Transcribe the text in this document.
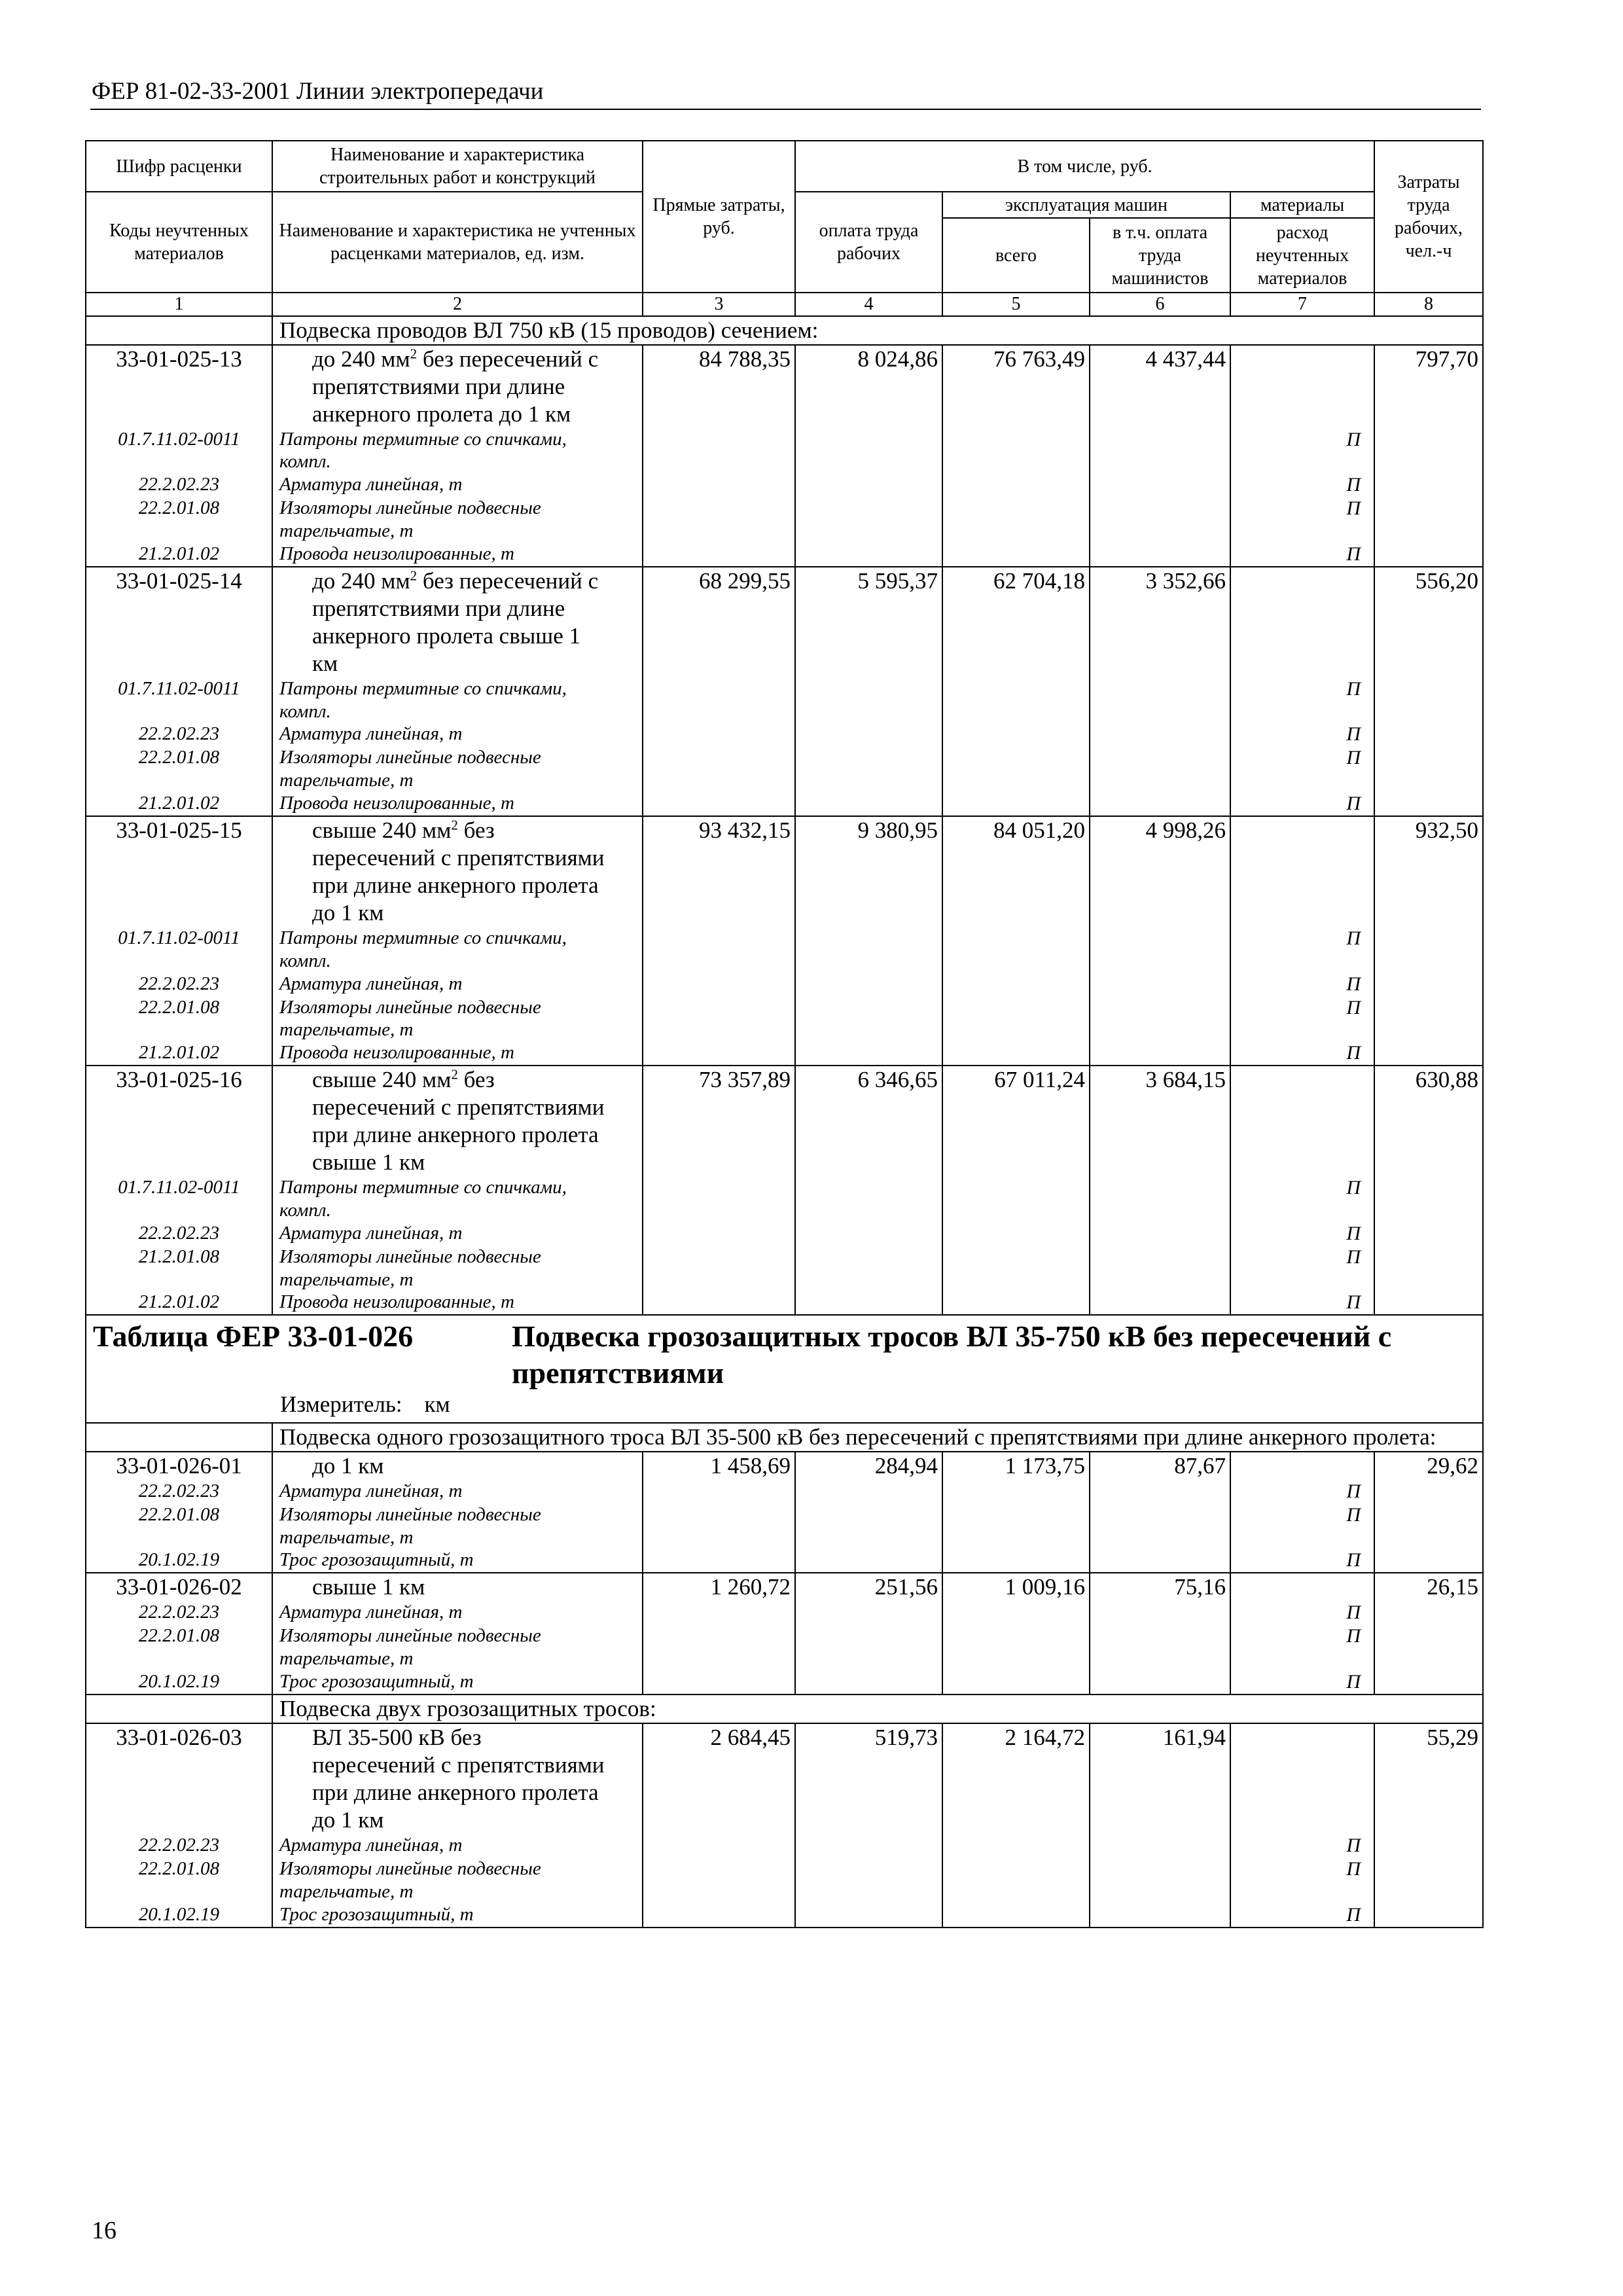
ФЕР 81-02-33-2001 Линии электропередачи
Шифр расценки	Наименование и характеристика строительных работ и конструкций	Прямые затраты, руб.	В том числе, руб.				Затраты труда рабочих, чел.-ч
Коды неучтенных материалов	Наименование и характеристика не учтенных расценками материалов, ед. изм.		оплата труда рабочих	эксплуатация машин		материалы	
				всего	в т.ч. оплата труда машинистов	расход неучтенных материалов	
1	2	3	4	5	6	7	8
	Подвеска проводов ВЛ 750 кВ (15 проводов) сечением:						
33-01-025-13	до 240 $мм^2$ без пересечений с
препятствиями при длине
анкерного пролета до 1 км	84 788,35	8 024,86	76 763,49	4 437,44		797,70
01.7.11.02-0011	Патроны термитные со спичками,
компл.					П	
22.2.02.23	Арматура линейная, т					П	
22.2.01.08	Изоляторы линейные подвесные
тарельчатые, т					П	
21.2.01.02	Провода неизолированные, т					П	
33-01-025-14	до 240 $мм^2$ без пересечений с
препятствиями при длине
анкерного пролета свыше 1
км	68 299,55	5 595,37	62 704,18	3 352,66		556,20
01.7.11.02-0011	Патроны термитные со спичками,
компл.					П	
22.2.02.23	Арматура линейная, т					П	
22.2.01.08	Изоляторы линейные подвесные
тарельчатые, т					П	
21.2.01.02	Провода неизолированные, т					П	
33-01-025-15	свыше 240 $мм^2$ без
пересечений с препятствиями
при длине анкерного пролета
до 1 км	93 432,15	9 380,95	84 051,20	4 998,26		932,50
01.7.11.02-0011	Патроны термитные со спичками,
компл.					П	
22.2.02.23	Арматура линейная, т					П	
22.2.01.08	Изоляторы линейные подвесные
тарельчатые, т					П	
21.2.01.02	Провода неизолированные, т					П	
33-01-025-16	свыше 240 $мм^2$ без
пересечений с препятствиями
при длине анкерного пролета
свыше 1 км	73 357,89	6 346,65	67 011,24	3 684,15		630,88
01.7.11.02-0011	Патроны термитные со спичками,
компл.					П	
22.2.02.23	Арматура линейная, т					П	
21.2.01.08	Изоляторы линейные подвесные
тарельчатые, т					П	
21.2.01.02	Провода неизолированные, т					П	

Таблица ФЕР 33-01-026 Подвеска грозозащитных тросов ВЛ 35-750 кВ без пересечений с
препятствиями							

Измеритель: км							
	Подвеска одного грозозащитного троса ВЛ 35-500 кВ без пересечений с препятствиями при длине анкерного пролета:						
33-01-026-01	до 1 км	1 458,69	284,94	1 173,75	87,67		29,62
22.2.02.23	Арматура линейная, т					П	
22.2.01.08	Изоляторы линейные подвесные
тарельчатые, т					П	
20.1.02.19	Трос грозозащитный, т					П	
33-01-026-02	свыше 1 км	1 260,72	251,56	1 009,16	75,16		26,15
22.2.02.23	Арматура линейная, т					П	
22.2.01.08	Изоляторы линейные подвесные
тарельчатые, т					П	
20.1.02.19	Трос грозозащитный, т					П	
	Подвеска двух грозозащитных тросов:						
33-01-026-03	ВЛ 35-500 кВ без
пересечений с препятствиями
при длине анкерного пролета
до 1 км	2 684,45	519,73	2 164,72	161,94		55,29
22.2.02.23	Арматура линейная, т					П	
22.2.01.08	Изоляторы линейные подвесные
тарельчатые, т					П	
20.1.02.19	Трос грозозащитный, т					П	
16
